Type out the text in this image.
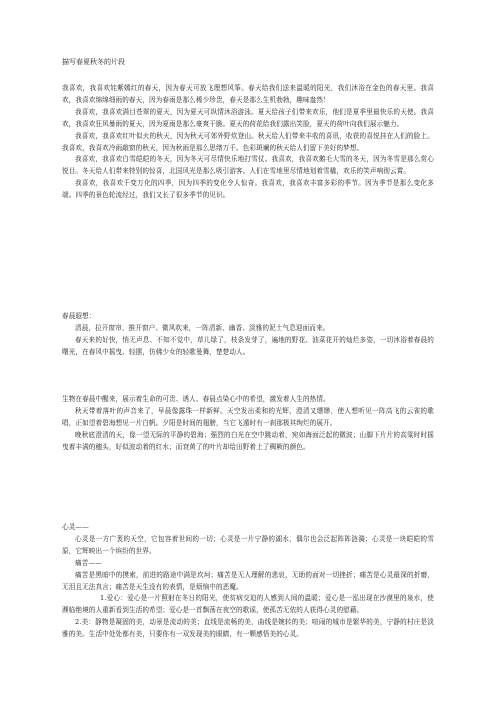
描写春夏秋冬的片段

我喜欢，我喜欢姹紫嫣红的春天，因为春天可放飞理想风筝。春天给我们送来温暖的阳光，我们沐浴在金色的春天里。我喜欢，我喜欢绵绵细雨的春天，因为春雨是那么稀少珍贵，春天是那么生机勃勃，趣味盎然！

我喜欢，我喜欢满目苍翠的夏天，因为夏天可纵情沐浴游泳。夏天给孩子们带来欢乐，他们是夏季里最快乐的天使。我喜欢，我喜欢狂风暴雨的夏天，因为夏雨是那么豪爽干脆。夏天的荷花给我们露出笑脸，夏天的荷叶向我们展示魅力。

我喜欢，我喜欢红叶似火的秋天，因为秋天可郊外野炊登山。秋天给人们带来丰收的喜讯，收获的喜悦挂在人们的脸上。我喜欢，我喜欢冷雨敲窗的秋天，因为秋雨是那么思绪万千。色彩斑斓的秋天给人们留下美好的梦想。

我喜欢，我喜欢白雪皑皑的冬天，因为冬天可尽情快乐地打雪仗。我喜欢，我喜欢鹅毛大雪的冬天，因为冬雪是那么赏心悦目。冬天给人们带来特别的惊喜，北国风光是那么吸引游客。人们在雪地里尽情地划着雪橇，欢乐的笑声响彻云霄。

我喜欢，我喜欢千变万化的四季，因为四季的变化令人惊奇。我喜欢，我喜欢丰富多彩的季节。因为季节是那么变化多端。四季的景色轮流经过，我们又长了很多季节的见识。

春晨遐想：

清晨，拉开窗帘、推开窗户、微风吹来，一阵清新、幽香、淡雅的泥土气息迎面而来。

春天来的好快，悄无声息、不知不觉中，草儿绿了，枝条发芽了，遍地的野花、油菜花开的灿烂多姿，一切沐浴着春晨的曙光，在春风中摇曳、轻摆，仿佛少女的轻歌曼舞，楚楚动人。

生物在春晨中醒来，展示着生命的可贵、诱人、春晨点染心中的希望，激发着人生的热情。

秋天带着落叶的声音来了，早晨像露珠一样新鲜。天空发出柔和的光辉，澄清又缥缈，使人想听见一阵高飞的云雀的歌唱，正如望着碧海想见一片白帆。夕阳是时间的翅膀，当它飞遁时有一刹那极其绚烂的展开。

晚秋底澄清的天，像一望无际的平静的碧海；强烈的白光在空中跳动着，宛如海面泛起的微波；山脚下片片的高粱时时摇曳着丰满的穗头，好似波动着的红水；而衰黄了的叶片却给田野着上了稠厥的颜色。

心灵——

心灵是一方广袤的天空，它包容着世间的一切；心灵是一片宁静的湖水，偶尔也会泛起阵阵涟漪；心灵是一块皑皑的雪原，它辉映出一个缤纷的世界。

痛苦——

痛苦是黑暗中的摸索，前进的路途中满是坎坷；痛苦是无人理解的悲哀，无助的面对一切挫折；痛苦是心灵最深的折磨，无泪且无法真言；痛苦是天生没有的表情，是烦恼中的恶魔。

1.爱心：爱心是一片照射在冬日的阳光，使贫病交迫的人感到人间的温暖；爱心是一泓出现在沙漠里的泉水，使濒临绝境的人重新看到生活的希望；爱心是一首飘荡在夜空的歌谣，使孤苦无依的人获得心灵的慰藉。

2.美：静物是凝固的美，动景是流动的美；直线是流畅的美，曲线是婉转的美；喧闹的城市是繁华的美，宁静的村庄是淡雅的美。生活中处处都有美，只要你有一双发现美的眼睛，有一颗感悟美的心灵。
